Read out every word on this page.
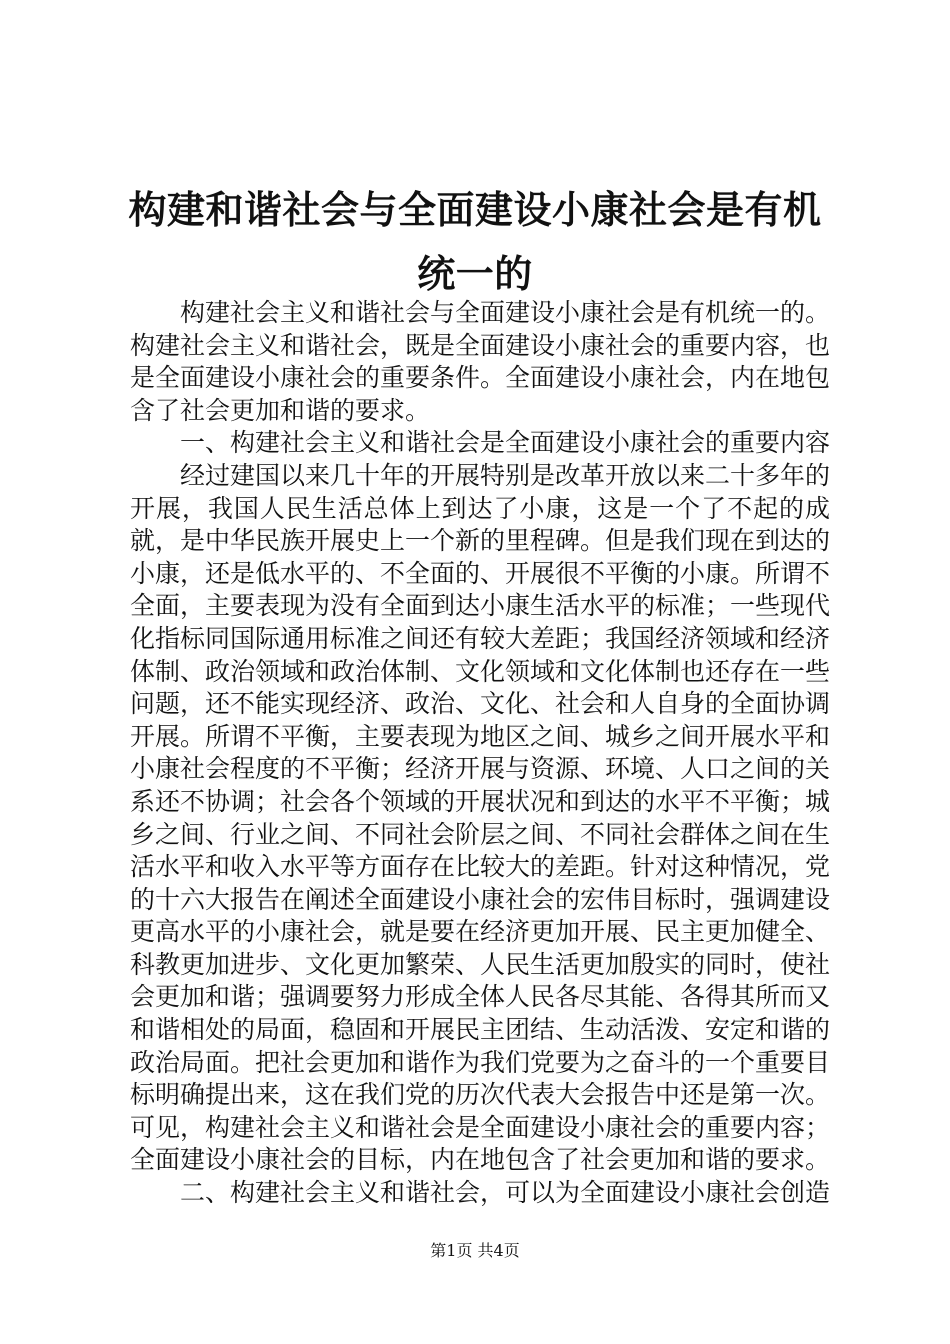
构建和谐社会与全面建设小康社会是有机统一的

构建社会主义和谐社会与全面建设小康社会是有机统一的。构建社会主义和谐社会，既是全面建设小康社会的重要内容，也是全面建设小康社会的重要条件。全面建设小康社会，内在地包含了社会更加和谐的要求。

一、构建社会主义和谐社会是全面建设小康社会的重要内容

经过建国以来几十年的开展特别是改革开放以来二十多年的开展，我国人民生活总体上到达了小康，这是一个了不起的成就，是中华民族开展史上一个新的里程碑。但是我们现在到达的小康，还是低水平的、不全面的、开展很不平衡的小康。所谓不全面，主要表现为没有全面到达小康生活水平的标准；一些现代化指标同国际通用标准之间还有较大差距；我国经济领域和经济体制、政治领域和政治体制、文化领域和文化体制也还存在一些问题，还不能实现经济、政治、文化、社会和人自身的全面协调开展。所谓不平衡，主要表现为地区之间、城乡之间开展水平和小康社会程度的不平衡；经济开展与资源、环境、人口之间的关系还不协调；社会各个领域的开展状况和到达的水平不平衡；城乡之间、行业之间、不同社会阶层之间、不同社会群体之间在生活水平和收入水平等方面存在比较大的差距。针对这种情况，党的十六大报告在阐述全面建设小康社会的宏伟目标时，强调建设更高水平的小康社会，就是要在经济更加开展、民主更加健全、科教更加进步、文化更加繁荣、人民生活更加殷实的同时，使社会更加和谐；强调要努力形成全体人民各尽其能、各得其所而又和谐相处的局面，稳固和开展民主团结、生动活泼、安定和谐的政治局面。把社会更加和谐作为我们党要为之奋斗的一个重要目标明确提出来，这在我们党的历次代表大会报告中还是第一次。可见，构建社会主义和谐社会是全面建设小康社会的重要内容；全面建设小康社会的目标，内在地包含了社会更加和谐的要求。

二、构建社会主义和谐社会，可以为全面建设小康社会创造

第1页 共4页
